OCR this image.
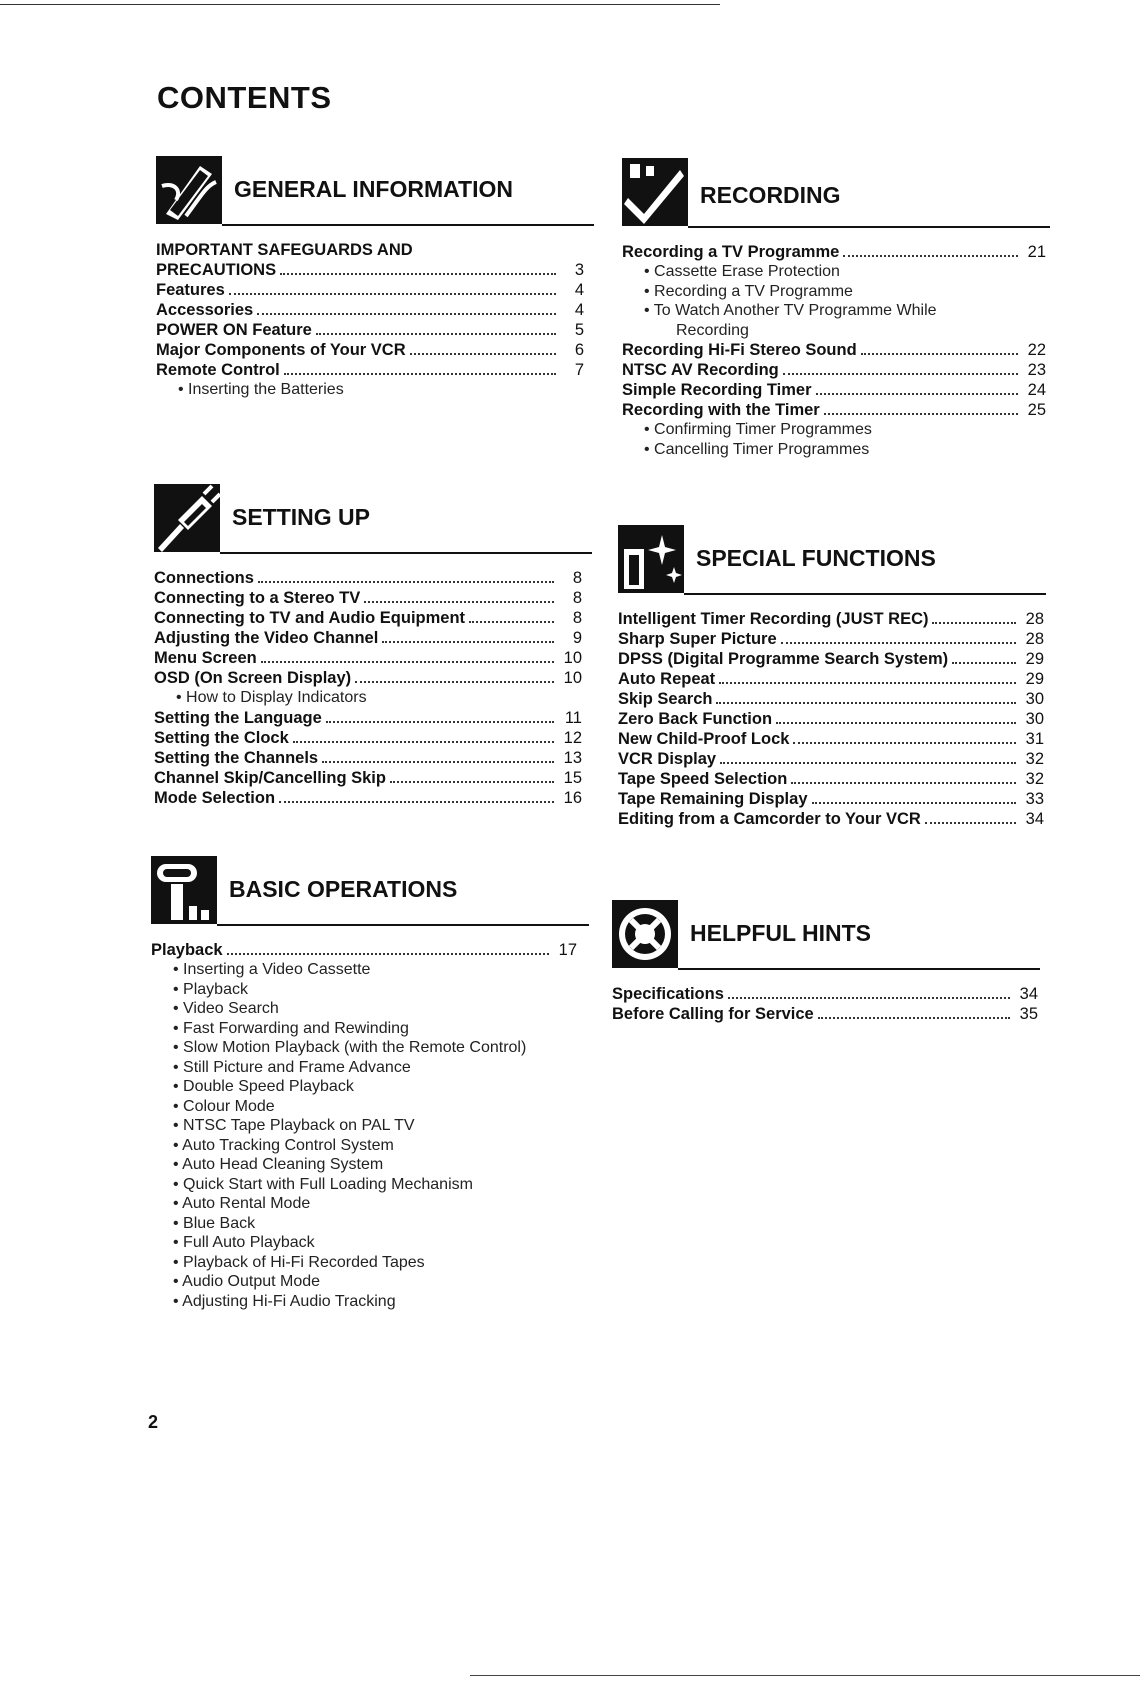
CONTENTS
GENERAL INFORMATION
IMPORTANT SAFEGUARDS AND
PRECAUTIONS	3
Features	4
Accessories	4
POWER ON Feature	5
Major Components of Your VCR	6
Remote Control	7
• Inserting the Batteries
RECORDING
Recording a TV Programme	21
• Cassette Erase Protection
• Recording a TV Programme
• To Watch Another TV Programme While
Recording
Recording Hi-Fi Stereo Sound	22
NTSC AV Recording	23
Simple Recording Timer	24
Recording with the Timer	25
• Confirming Timer Programmes
• Cancelling Timer Programmes
SETTING UP
Connections	8
Connecting to a Stereo TV	8
Connecting to TV and Audio Equipment	8
Adjusting the Video Channel	9
Menu Screen	10
OSD (On Screen Display)	10
• How to Display Indicators
Setting the Language	11
Setting the Clock	12
Setting the Channels	13
Channel Skip/Cancelling Skip	15
Mode Selection	16
SPECIAL FUNCTIONS
Intelligent Timer Recording (JUST REC)	28
Sharp Super Picture	28
DPSS (Digital Programme Search System)	29
Auto Repeat	29
Skip Search	30
Zero Back Function	30
New Child-Proof Lock	31
VCR Display	32
Tape Speed Selection	32
Tape Remaining Display	33
Editing from a Camcorder to Your VCR	34
BASIC OPERATIONS
Playback	17
• Inserting a Video Cassette
• Playback
• Video Search
• Fast Forwarding and Rewinding
• Slow Motion Playback (with the Remote Control)
• Still Picture and Frame Advance
• Double Speed Playback
• Colour Mode
• NTSC Tape Playback on PAL TV
• Auto Tracking Control System
• Auto Head Cleaning System
• Quick Start with Full Loading Mechanism
• Auto Rental Mode
• Blue Back
• Full Auto Playback
• Playback of Hi-Fi Recorded Tapes
• Audio Output Mode
• Adjusting Hi-Fi Audio Tracking
HELPFUL HINTS
Specifications	34
Before Calling for Service	35
2
